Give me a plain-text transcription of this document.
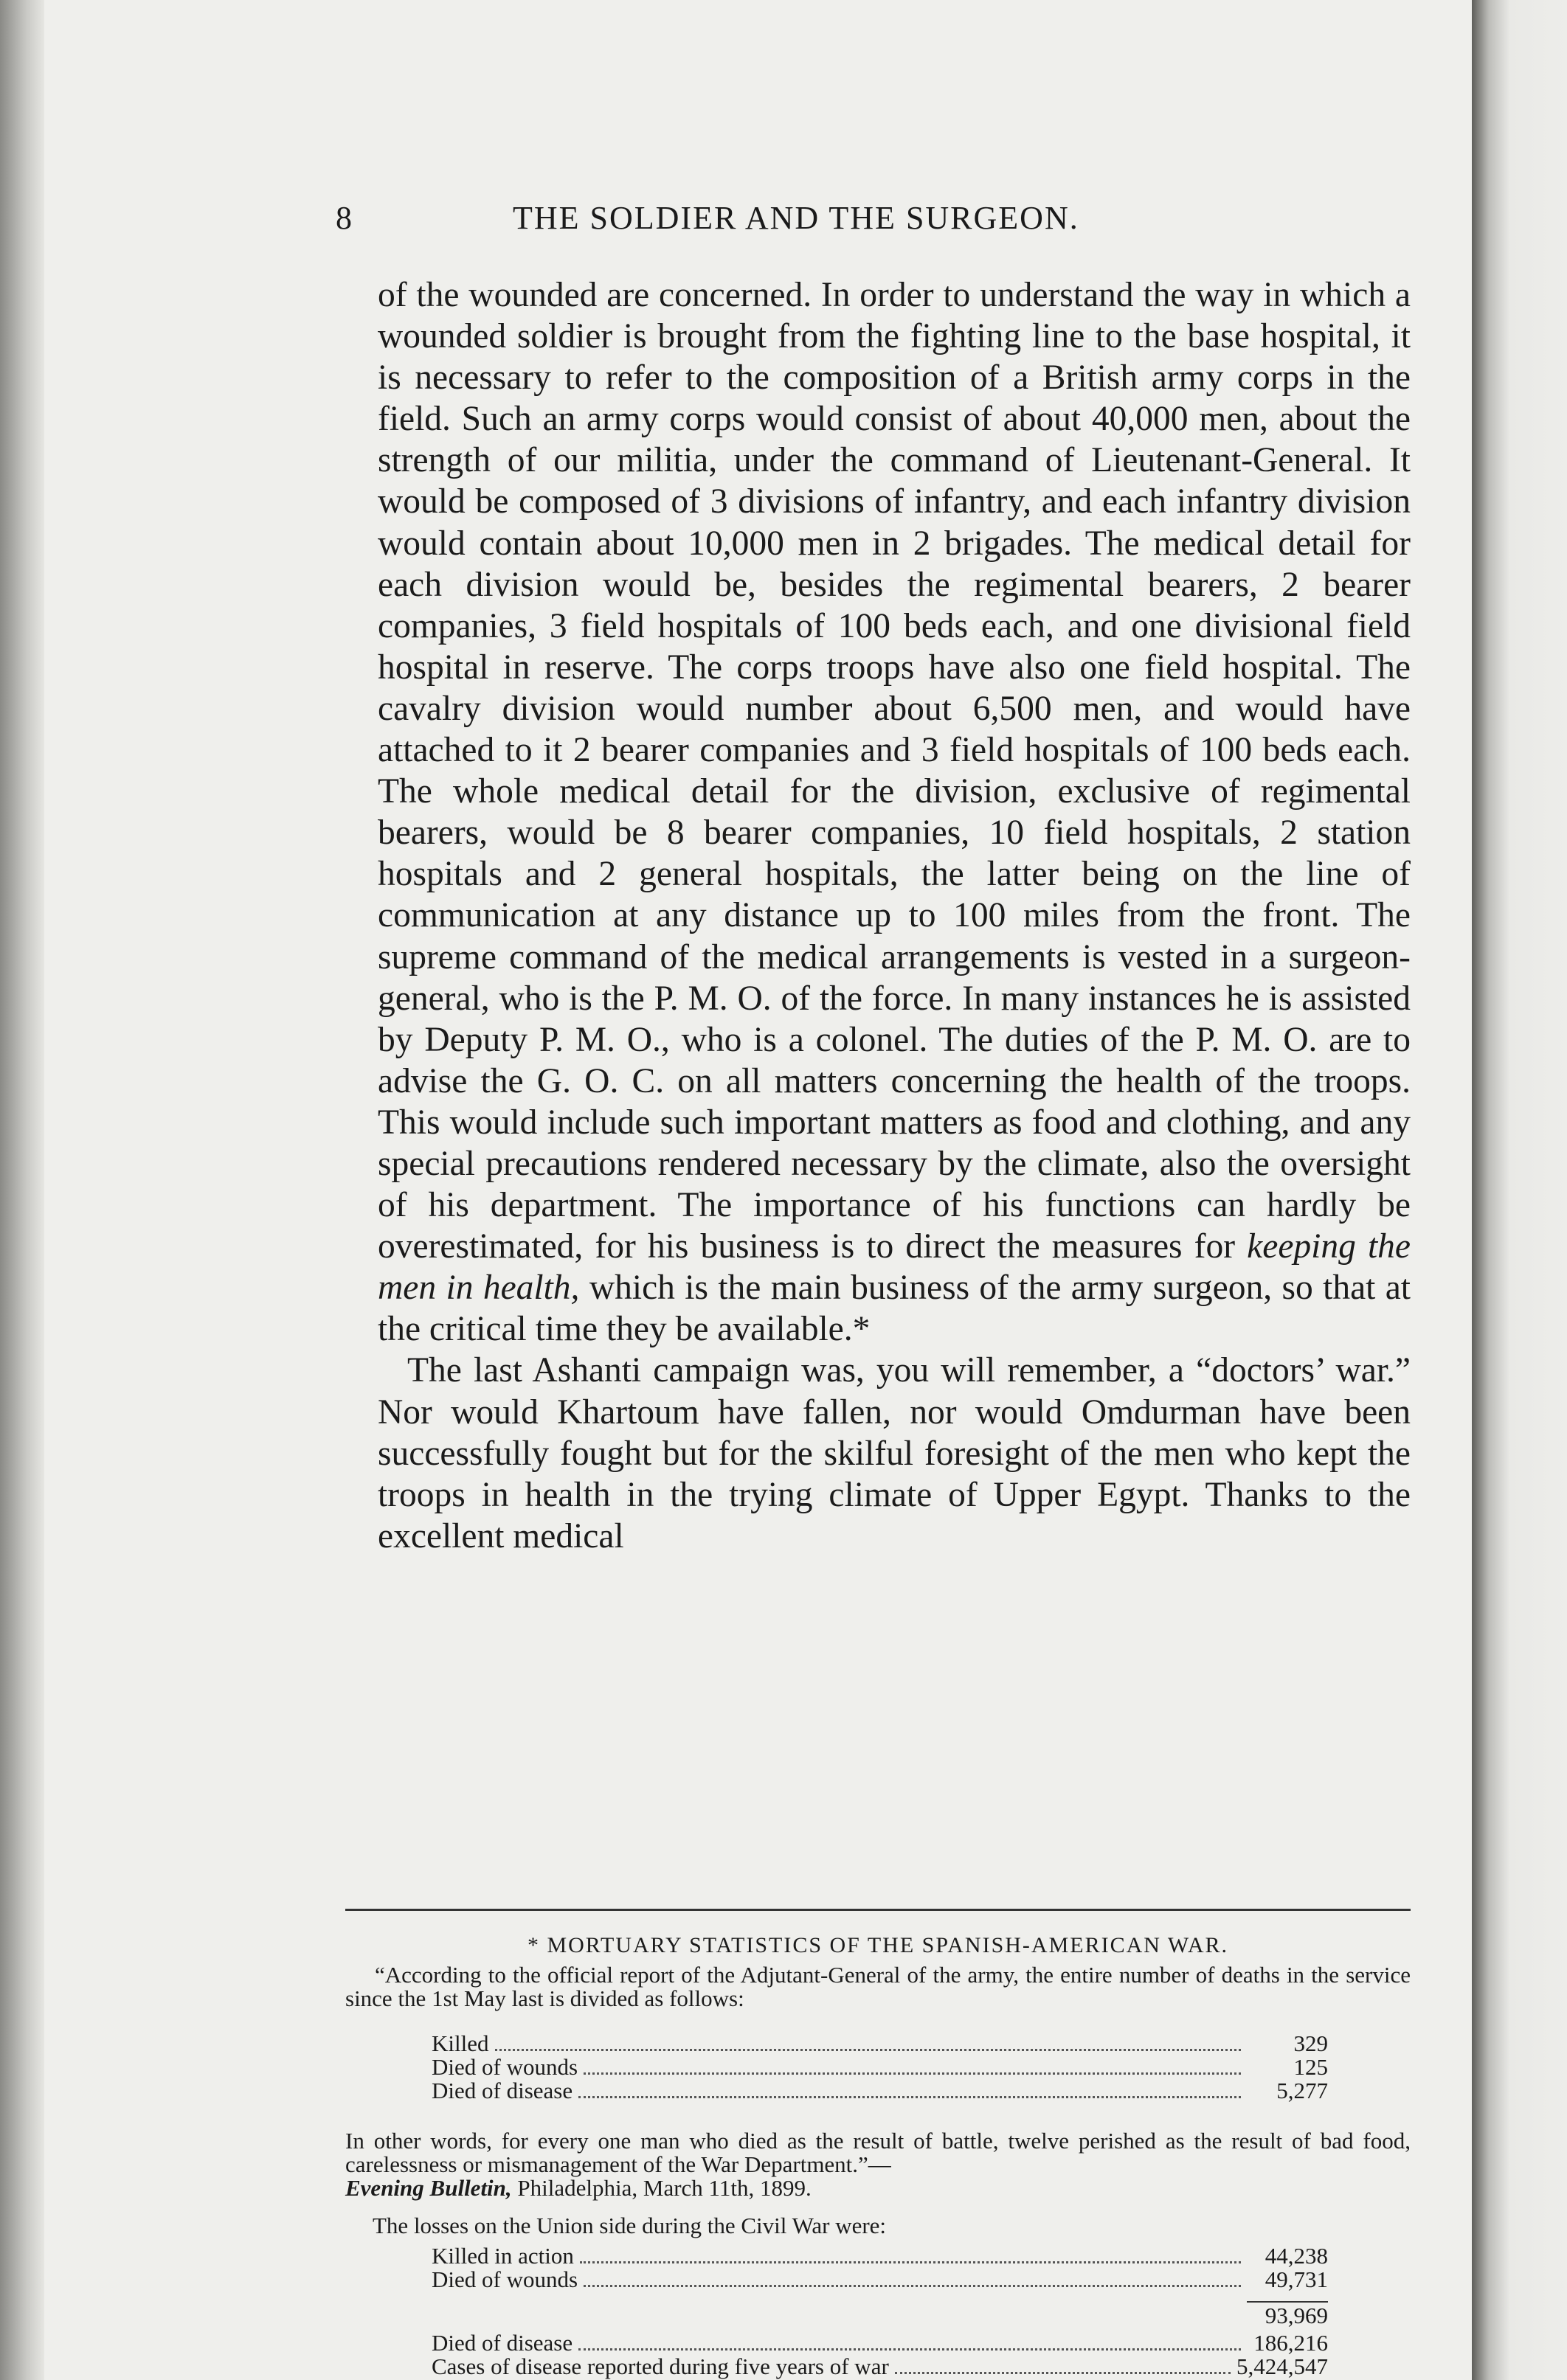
8	THE SOLDIER AND THE SURGEON.

of the wounded are concerned. In order to understand the way in which a wounded soldier is brought from the fighting line to the base hospital, it is necessary to refer to the composition of a British army corps in the field. Such an army corps would consist of about 40,000 men, about the strength of our militia, under the command of Lieutenant-General. It would be composed of 3 divisions of infantry, and each infantry division would contain about 10,000 men in 2 brigades. The medical detail for each division would be, besides the regimental bearers, 2 bearer companies, 3 field hospitals of 100 beds each, and one divisional field hospital in reserve. The corps troops have also one field hospital. The cavalry division would number about 6,500 men, and would have attached to it 2 bearer companies and 3 field hospitals of 100 beds each. The whole medical detail for the division, exclusive of regimental bearers, would be 8 bearer companies, 10 field hospitals, 2 station hospitals and 2 general hospitals, the latter being on the line of communication at any distance up to 100 miles from the front. The supreme command of the medical arrangements is vested in a surgeon-general, who is the P. M. O. of the force. In many instances he is assisted by Deputy P. M. O., who is a colonel. The duties of the P. M. O. are to advise the G. O. C. on all matters concerning the health of the troops. This would include such important matters as food and clothing, and any special precautions rendered necessary by the climate, also the oversight of his department. The importance of his functions can hardly be overestimated, for his business is to direct the measures for keeping the men in health, which is the main business of the army surgeon, so that at the critical time they be available.*

The last Ashanti campaign was, you will remember, a “doctors’ war.” Nor would Khartoum have fallen, nor would Omdurman have been successfully fought but for the skilful foresight of the men who kept the troops in health in the trying climate of Upper Egypt. Thanks to the excellent medical

* MORTUARY STATISTICS OF THE SPANISH-AMERICAN WAR.
“According to the official report of the Adjutant-General of the army, the entire number of deaths in the service since the 1st May last is divided as follows:
Killed	329
Died of wounds	125
Died of disease	5,277
In other words, for every one man who died as the result of battle, twelve perished as the result of bad food, carelessness or mismanagement of the War Department.”—
Evening Bulletin, Philadelphia, March 11th, 1899.
The losses on the Union side during the Civil War were:
Killed in action	44,238
Died of wounds	49,731
93,969
Died of disease	186,216
Cases of disease reported during five years of war	5,424,547
